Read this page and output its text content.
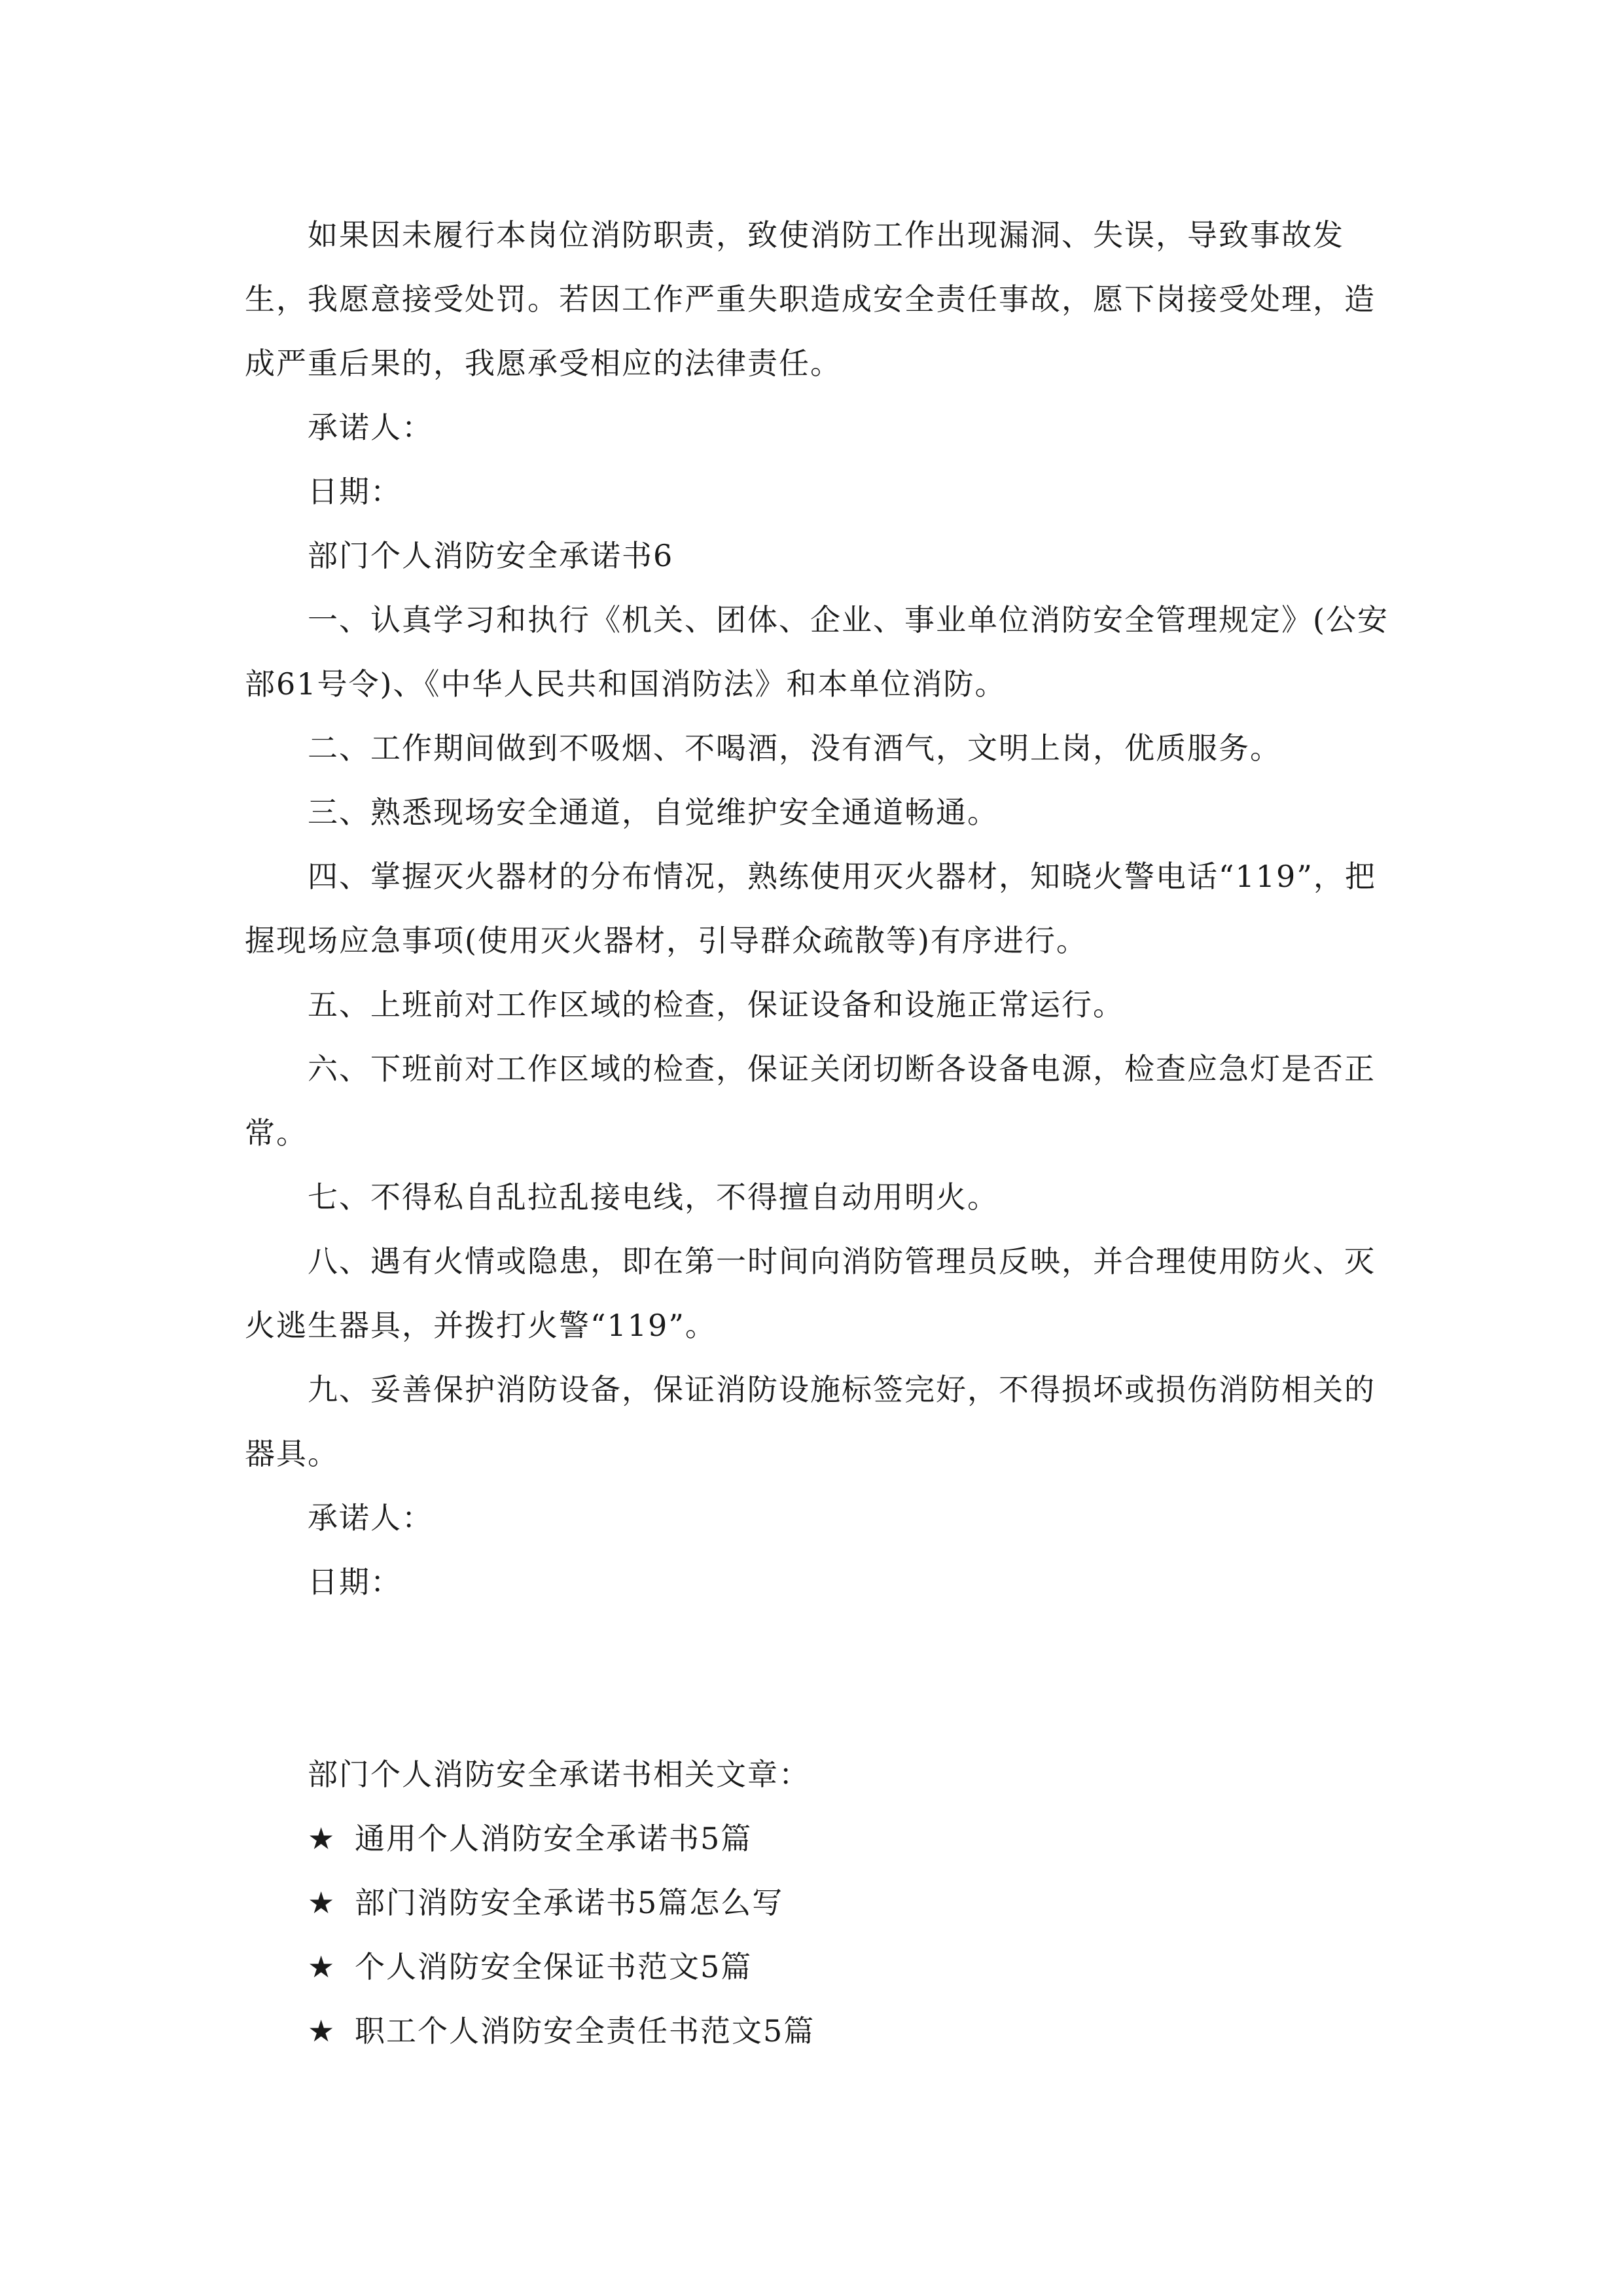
如果因未履行本岗位消防职责，致使消防工作出现漏洞、失误，导致事故发生，我愿意接受处罚。若因工作严重失职造成安全责任事故，愿下岗接受处理，造成严重后果的，我愿承受相应的法律责任。

承诺人：

日期：

部门个人消防安全承诺书6

一、认真学习和执行《机关、团体、企业、事业单位消防安全管理规定》(公安部61号令)、《中华人民共和国消防法》和本单位消防。

二、工作期间做到不吸烟、不喝酒，没有酒气，文明上岗，优质服务。

三、熟悉现场安全通道，自觉维护安全通道畅通。

四、掌握灭火器材的分布情况，熟练使用灭火器材，知晓火警电话“119”，把握现场应急事项(使用灭火器材，引导群众疏散等)有序进行。

五、上班前对工作区域的检查，保证设备和设施正常运行。

六、下班前对工作区域的检查，保证关闭切断各设备电源，检查应急灯是否正常。

七、不得私自乱拉乱接电线，不得擅自动用明火。

八、遇有火情或隐患，即在第一时间向消防管理员反映，并合理使用防火、灭火逃生器具，并拨打火警“119”。

九、妥善保护消防设备，保证消防设施标签完好，不得损坏或损伤消防相关的器具。

承诺人：

日期：

部门个人消防安全承诺书相关文章：

★ 通用个人消防安全承诺书5篇

★ 部门消防安全承诺书5篇怎么写

★ 个人消防安全保证书范文5篇

★ 职工个人消防安全责任书范文5篇
